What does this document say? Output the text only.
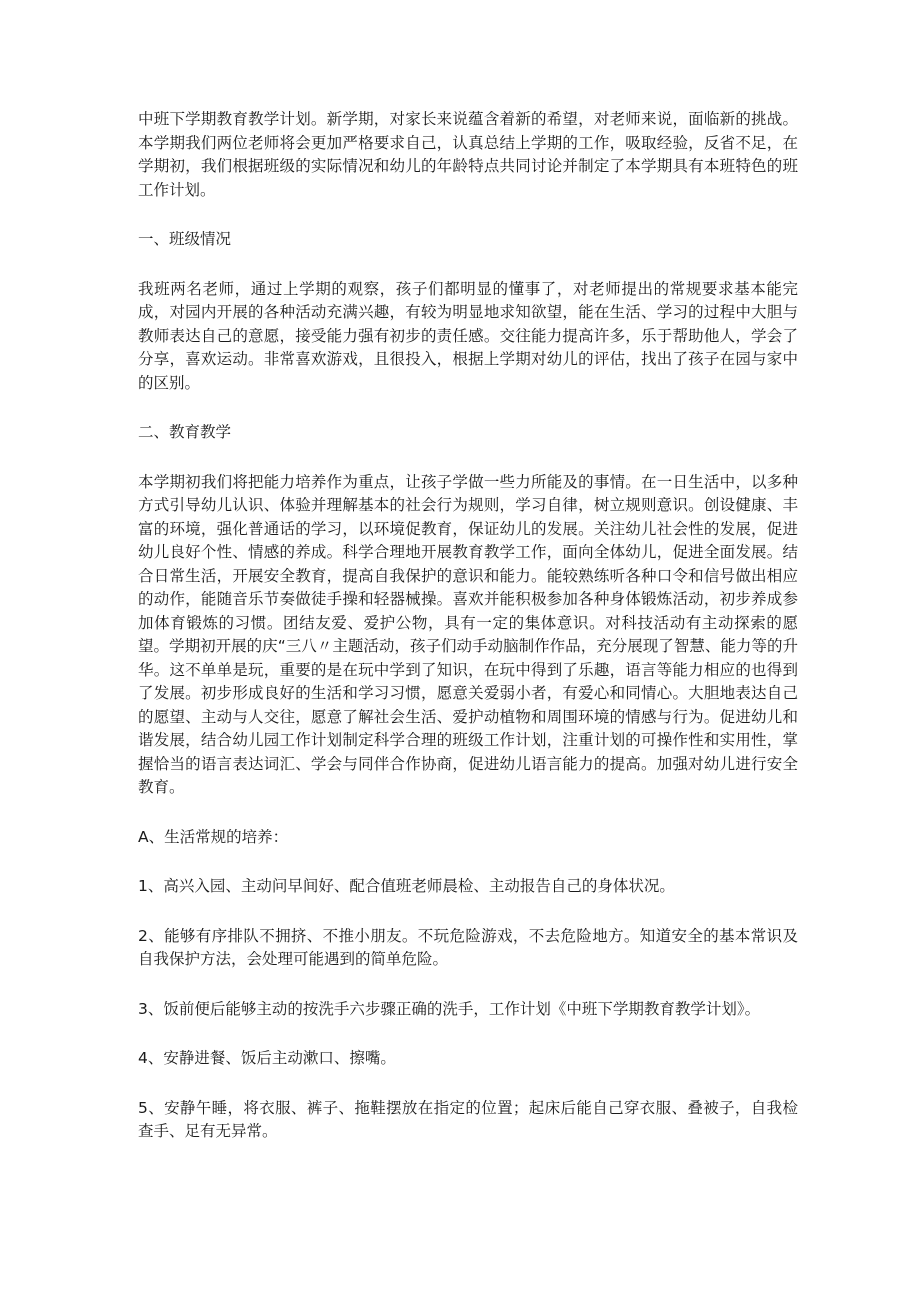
中班下学期教育教学计划。新学期，对家长来说蕴含着新的希望，对老师来说，面临新的挑战。本学期我们两位老师将会更加严格要求自己，认真总结上学期的工作，吸取经验，反省不足，在学期初，我们根据班级的实际情况和幼儿的年龄特点共同讨论并制定了本学期具有本班特色的班工作计划。

一、班级情况

我班两名老师，通过上学期的观察，孩子们都明显的懂事了，对老师提出的常规要求基本能完成，对园内开展的各种活动充满兴趣，有较为明显地求知欲望，能在生活、学习的过程中大胆与教师表达自己的意愿，接受能力强有初步的责任感。交往能力提高许多，乐于帮助他人，学会了分享，喜欢运动。非常喜欢游戏，且很投入，根据上学期对幼儿的评估，找出了孩子在园与家中的区别。

二、教育教学

本学期初我们将把能力培养作为重点，让孩子学做一些力所能及的事情。在一日生活中，以多种方式引导幼儿认识、体验并理解基本的社会行为规则，学习自律，树立规则意识。创设健康、丰富的环境，强化普通话的学习，以环境促教育，保证幼儿的发展。关注幼儿社会性的发展，促进幼儿良好个性、情感的养成。科学合理地开展教育教学工作，面向全体幼儿，促进全面发展。结合日常生活，开展安全教育，提高自我保护的意识和能力。能较熟练听各种口令和信号做出相应的动作，能随音乐节奏做徒手操和轻器械操。喜欢并能积极参加各种身体锻炼活动，初步养成参加体育锻炼的习惯。团结友爱、爱护公物，具有一定的集体意识。对科技活动有主动探索的愿望。学期初开展的庆“三八〃主题活动，孩子们动手动脑制作作品，充分展现了智慧、能力等的升华。这不单单是玩，重要的是在玩中学到了知识，在玩中得到了乐趣，语言等能力相应的也得到了发展。初步形成良好的生活和学习习惯，愿意关爱弱小者，有爱心和同情心。大胆地表达自己的愿望、主动与人交往，愿意了解社会生活、爱护动植物和周围环境的情感与行为。促进幼儿和谐发展，结合幼儿园工作计划制定科学合理的班级工作计划，注重计划的可操作性和实用性，掌握恰当的语言表达词汇、学会与同伴合作协商，促进幼儿语言能力的提高。加强对幼儿进行安全教育。

A、生活常规的培养：

1、高兴入园、主动问早间好、配合值班老师晨检、主动报告自己的身体状况。

2、能够有序排队不拥挤、不推小朋友。不玩危险游戏，不去危险地方。知道安全的基本常识及自我保护方法，会处理可能遇到的简单危险。

3、饭前便后能够主动的按洗手六步骤正确的洗手，工作计划《中班下学期教育教学计划》。

4、安静进餐、饭后主动漱口、擦嘴。

5、安静午睡，将衣服、裤子、拖鞋摆放在指定的位置；起床后能自己穿衣服、叠被子，自我检查手、足有无异常。
